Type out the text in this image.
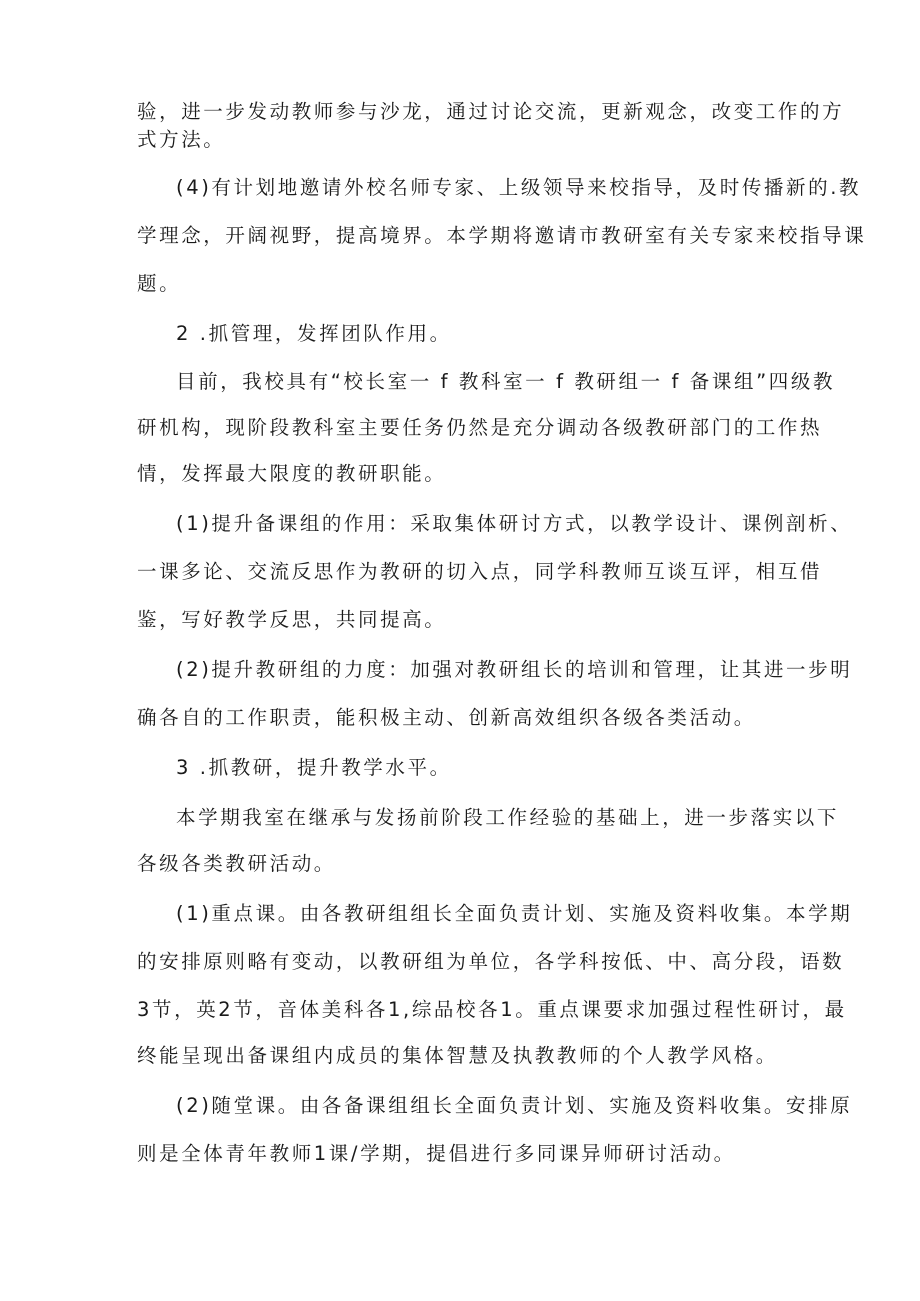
验，进一步发动教师参与沙龙，通过讨论交流，更新观念，改变工作的方
式方法。
(4)有计划地邀请外校名师专家、上级领导来校指导，及时传播新的.教
学理念，开阔视野，提高境界。本学期将邀请市教研室有关专家来校指导课
题。
2 .抓管理，发挥团队作用。
目前，我校具有“校长室一 f 教科室一 f 教研组一 f 备课组”四级教
研机构，现阶段教科室主要任务仍然是充分调动各级教研部门的工作热
情，发挥最大限度的教研职能。
(1)提升备课组的作用：采取集体研讨方式，以教学设计、课例剖析、
一课多论、交流反思作为教研的切入点，同学科教师互谈互评，相互借
鉴，写好教学反思，共同提高。
(2)提升教研组的力度：加强对教研组长的培训和管理，让其进一步明
确各自的工作职责，能积极主动、创新高效组织各级各类活动。
3 .抓教研，提升教学水平。
本学期我室在继承与发扬前阶段工作经验的基础上，进一步落实以下
各级各类教研活动。
(1)重点课。由各教研组组长全面负责计划、实施及资料收集。本学期
的安排原则略有变动，以教研组为单位，各学科按低、中、高分段，语数
3节，英2节，音体美科各1,综品校各1。重点课要求加强过程性研讨，最
终能呈现出备课组内成员的集体智慧及执教教师的个人教学风格。
(2)随堂课。由各备课组组长全面负责计划、实施及资料收集。安排原
则是全体青年教师1课/学期，提倡进行多同课异师研讨活动。
